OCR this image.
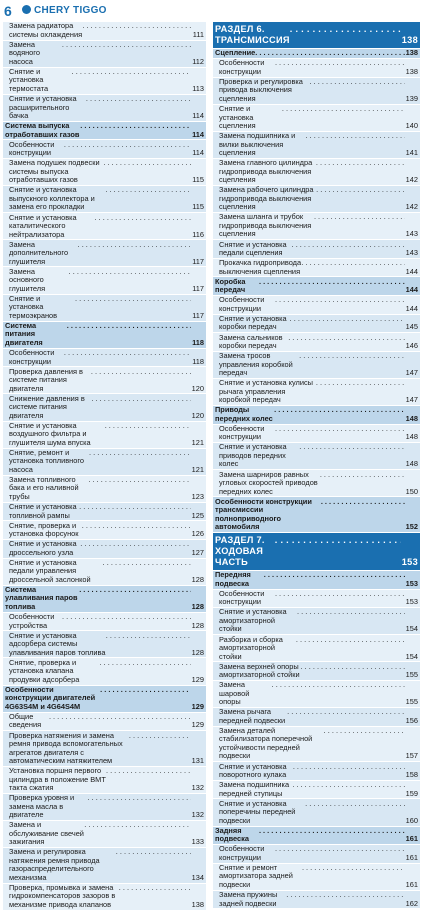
6	CHERY TIGGO
Замена радиатора системы охлаждения . . .	111
Замена водяного насоса . . .	112
Снятие и установка термостата . . .	113
Снятие и установка расширительного бачка . . .	114
Система выпуска отработавших газов . . .	114
Особенности конструкции . . .	114
Замена подушек подвески системы выпуска отработавших газов . . .	115
Снятие и установка выпускного коллектора и замена его прокладки . . .	115
Снятие и установка каталитического нейтрализатора . . .	116
Замена дополнительного глушителя . . .	117
Замена основного глушителя . . .	117
Снятие и установка термоэкранов . . .	117
Система питания двигателя . . .	118
Особенности конструкции . . .	118
Проверка давления в системе питания двигателя . . .	120
Снижение давления в системе питания двигателя . . .	120
Снятие и установка воздушного фильтра и глушителя шума впуска . . .	121
Снятие, ремонт и установка топливного насоса . . .	121
Замена топливного бака и его наливной трубы . . .	123
Снятие и установка топливной рампы . . .	125
Снятие, проверка и установка форсунок . . .	126
Снятие и установка дроссельного узла . . .	127
Снятие и установка педали управления дроссельной заслонкой . . .	128
Система улавливания паров топлива . . .	128
Особенности устройства . . .	128
Снятие и установка адсорбера системы улавливания паров топлива . . .	128
Снятие, проверка и установка клапана продувки адсорбера . . .	129
Особенности конструкции двигателей 4G63S4M и 4G64S4M . . .	129
Общие сведения . . .	129
Проверка натяжения и замена ремня привода вспомогательных агрегатов двигателя с автоматическим натяжителем . . .	131
Установка поршня первого цилиндра в положение ВМТ такта сжатия . . .	132
Проверка уровня и замена масла в двигателе . . .	132
Замена и обслуживание свечей зажигания . . .	133
Замена и регулировка натяжения ремня привода газораспределительного механизма . . .	134
Проверка, промывка и замена гидрокомпенсаторов зазоров в механизме привода клапанов . . .	138
РАЗДЕЛ 6. ТРАНСМИССИЯ . . .	138
Сцепление . . .	138
Особенности конструкции . . .	138
Проверка и регулировка привода выключения сцепления . . .	139
Снятие и установка сцепления . . .	140
Замена подшипника и вилки выключения сцепления . . .	141
Замена главного цилиндра гидропривода выключения сцепления . . .	142
Замена рабочего цилиндра гидропривода выключения сцепления . . .	142
Замена шланга и трубок гидропривода выключения сцепления . . .	143
Снятие и установка педали сцепления . . .	143
Прокачка гидропривода выключения сцепления . . .	144
Коробка передач . . .	144
Особенности конструкции . . .	144
Снятие и установка коробки передач . . .	145
Замена сальников коробки передач . . .	146
Замена тросов управления коробкой передач . . .	147
Снятие и установка кулисы рычага управления коробкой передач . . .	147
Приводы передних колес . . .	148
Особенности конструкции . . .	148
Снятие и установка приводов передних колес . . .	148
Замена шарниров равных угловых скоростей приводов передних колес . . .	150
Особенности конструкции трансмиссии полноприводного автомобиля . . .	152
РАЗДЕЛ 7. ХОДОВАЯ ЧАСТЬ . . .	153
Передняя подвеска . . .	153
Особенности конструкции . . .	153
Снятие и установка амортизаторной стойки . . .	154
Разборка и сборка амортизаторной стойки . . .	154
Замена верхней опоры амортизаторной стойки . . .	155
Замена шаровой опоры . . .	155
Замена рычага передней подвески . . .	156
Замена деталей стабилизатора поперечной устойчивости передней подвески . . .	157
Снятие и установка поворотного кулака . . .	158
Замена подшипника передней ступицы . . .	159
Снятие и установка поперечины передней подвески . . .	160
Задняя подвеска . . .	161
Особенности конструкции . . .	161
Снятие и ремонт амортизатора задней подвески . . .	161
Замена пружины задней подвески . . .	162
